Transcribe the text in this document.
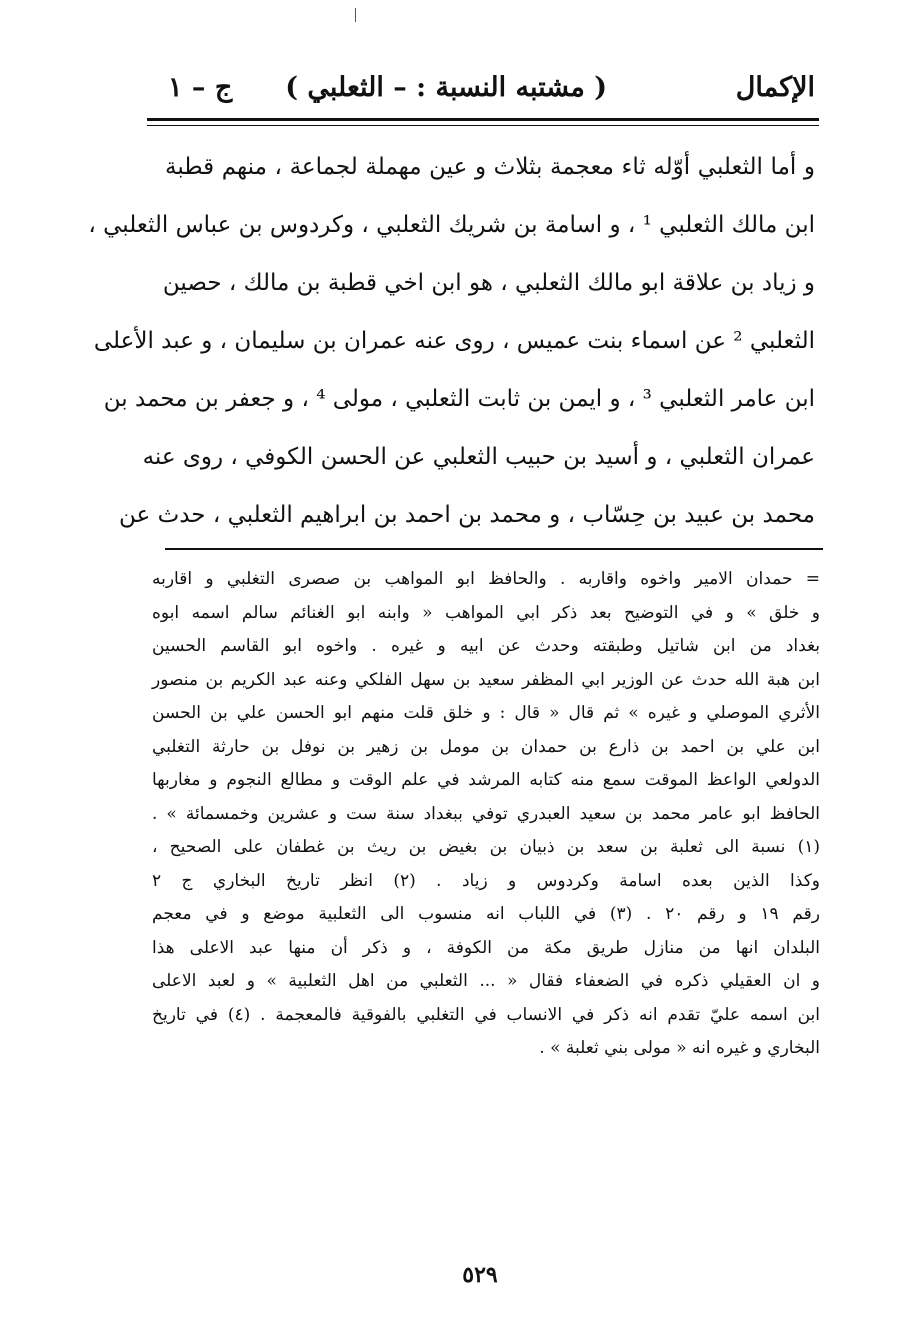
الإكمال
( مشتبه النسبة : – الثعلبي )
ج – ١
و أما الثعلبي أوّله ثاء معجمة بثلاث و عين مهملة لجماعة ، منهم قطبة
ابن مالك الثعلبي ¹ ، و اسامة بن شريك الثعلبي ، وكردوس بن عباس الثعلبي ،
و زياد بن علاقة ابو مالك الثعلبي ، هو ابن اخي قطبة بن مالك ، حصين
الثعلبي ² عن اسماء بنت عميس ، روى عنه عمران بن سليمان ، و عبد الأعلى
ابن عامر الثعلبي ³ ، و ايمن بن ثابت الثعلبي ، مولى ⁴ ، و جعفر بن محمد بن
عمران الثعلبي ، و أسيد بن حبيب الثعلبي عن الحسن الكوفي ، روى عنه
محمد بن عبيد بن حِسّاب ، و محمد بن احمد بن ابراهيم الثعلبي ، حدث عن
= حمدان الامير واخوه واقاربه . والحافظ ابو المواهب بن صصرى التغلبي و اقاربه
و خلق » و في التوضيح بعد ذكر ابي المواهب « وابنه ابو الغنائم سالم اسمه ابوه
بغداد من ابن شاتيل وطبقته وحدث عن ابيه و غيره . واخوه ابو القاسم الحسين
ابن هبة الله حدث عن الوزير ابي المظفر سعيد بن سهل الفلكي وعنه عبد الكريم بن منصور
الأثري الموصلي و غيره » ثم قال « قال : و خلق قلت منهم ابو الحسن علي بن الحسن
ابن علي بن احمد بن ذارع بن حمدان بن مومل بن زهير بن نوفل بن حارثة التغلبي
الدولعي الواعظ الموقت سمع منه كتابه المرشد في علم الوقت و مطالع النجوم و مغاربها
الحافظ ابو عامر محمد بن سعيد العبدري توفي ببغداد سنة ست و عشرين وخمسمائة » .
(١) نسبة الى ثعلبة بن سعد بن ذبيان بن بغيض بن ريث بن غطفان على الصحيح ،
وكذا الذين بعده اسامة وكردوس و زياد . (٢) انظر تاريخ البخاري ج ٢
رقم ١٩ و رقم ٢٠ . (٣) في اللباب انه منسوب الى الثعلبية موضع و في معجم
البلدان انها من منازل طريق مكة من الكوفة ، و ذكر أن منها عبد الاعلى هذا
و ان العقيلي ذكره في الضعفاء فقال « ... الثعلبي من اهل الثعلبية » و لعبد الاعلى
ابن اسمه عليّ تقدم انه ذكر في الانساب في التغلبي بالفوقية فالمعجمة . (٤) في تاريخ
البخاري و غيره انه « مولى بني ثعلبة » .
٥٢٩
